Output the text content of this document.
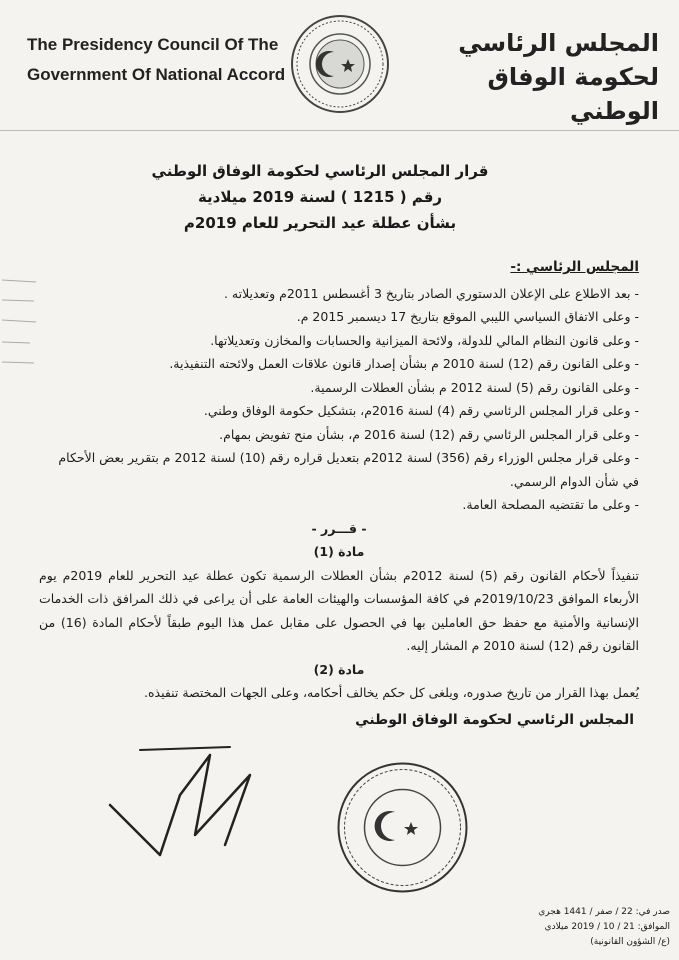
The Presidency Council Of The
Government Of National Accord
المجلس الرئاسي
لحكومة الوفاق الوطني
قرار المجلس الرئاسي لحكومة الوفاق الوطني
رقم ( 1215 ) لسنة 2019 ميلادية
بشأن عطلة عيد التحرير للعام 2019م
المجلس الرئاسي :-
- بعد الاطلاع على الإعلان الدستوري الصادر بتاريخ 3 أغسطس 2011م وتعديلاته .
- وعلى الاتفاق السياسي الليبي الموقع بتاريخ 17 ديسمبر 2015 م.
- وعلى قانون النظام المالي للدولة، ولائحة الميزانية والحسابات والمخازن وتعديلاتها.
- وعلى القانون رقم (12) لسنة 2010 م بشأن إصدار قانون علاقات العمل ولائحته التنفيذية.
- وعلى القانون رقم (5) لسنة 2012 م بشأن العطلات الرسمية.
- وعلى قرار المجلس الرئاسي رقم (4) لسنة 2016م، بتشكيل حكومة الوفاق وطني.
- وعلى قرار المجلس الرئاسي رقم (12) لسنة 2016 م، بشأن منح تفويض بمهام.
- وعلى قرار مجلس الوزراء رقم (356) لسنة 2012م بتعديل قراره رقم (10) لسنة 2012 م بتقرير بعض الأحكام في شأن الدوام الرسمي.
- وعلى ما تقتضيه المصلحة العامة.
- قـــرر -
مادة (1)
تنفيذاً لأحكام القانون رقم (5) لسنة 2012م بشأن العطلات الرسمية تكون عطلة عيد التحرير للعام 2019م يوم الأربعاء الموافق 2019/10/23م في كافة المؤسسات والهيئات العامة على أن يراعى في ذلك المرافق ذات الخدمات الإنسانية والأمنية مع حفظ حق العاملين بها في الحصول على مقابل عمل هذا اليوم طبقاً لأحكام المادة (16) من القانون رقم (12) لسنة 2010 م المشار إليه.
مادة (2)
يُعمل بهذا القرار من تاريخ صدوره، ويلغى كل حكم يخالف أحكامه، وعلى الجهات المختصة تنفيذه.
المجلس الرئاسي لحكومة الوفاق الوطني
صدر في: 22 / صفر / 1441 هجري
الموافق: 21 / 10 / 2019 ميلادي
(ع/ الشؤون القانونية)
